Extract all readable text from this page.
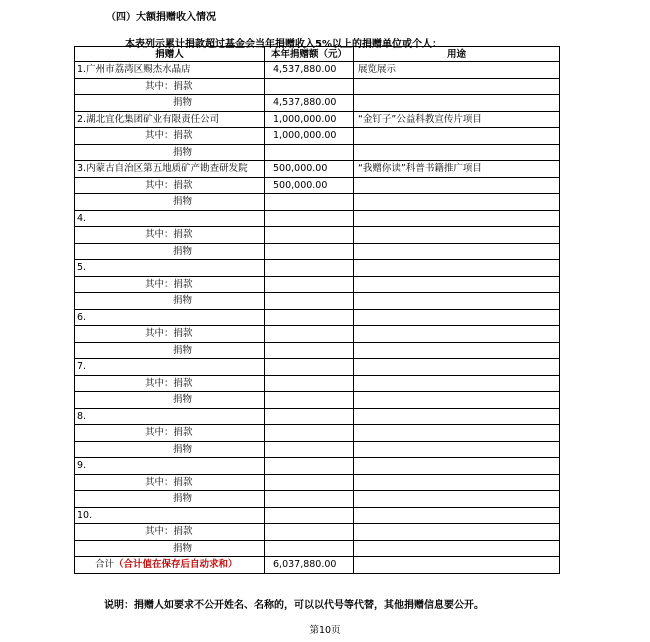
（四）大额捐赠收入情况
本表列示累计捐款超过基金会当年捐赠收入5%以上的捐赠单位或个人：
捐赠人	本年捐赠额（元）	用途
1.广州市荔湾区赐杰水晶店	4,537,880.00	展览展示
其中：捐款		
捐物	4,537,880.00	
2.湖北宜化集团矿业有限责任公司	1,000,000.00	“金钉子”公益科教宣传片项目
其中：捐款	1,000,000.00	
捐物		
3.内蒙古自治区第五地质矿产勘查研发院	500,000.00	“我赠你读”科普书籍推广项目
其中：捐款	500,000.00	
捐物		
4.		
其中：捐款		
捐物		
5.		
其中：捐款		
捐物		
6.		
其中：捐款		
捐物		
7.		
其中：捐款		
捐物		
8.		
其中：捐款		
捐物		
9.		
其中：捐款		
捐物		
10.		
其中：捐款		
捐物		
合计（合计值在保存后自动求和）	6,037,880.00	
说明：捐赠人如要求不公开姓名、名称的，可以以代号等代替，其他捐赠信息要公开。
第10页
